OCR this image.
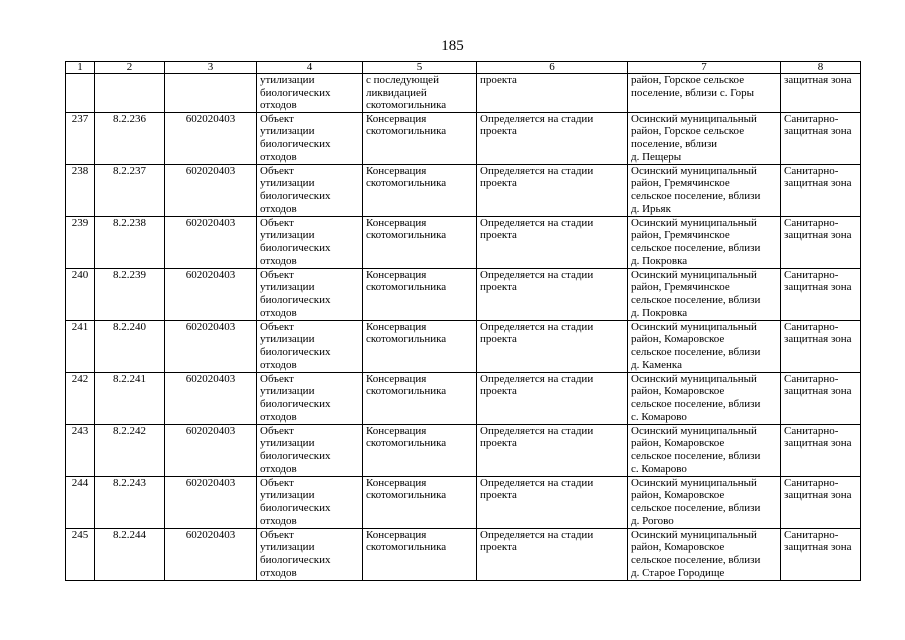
185
1	2	3	4	5	6	7	8

			утилизации
биологических
отходов	с последующей
ликвидацией
скотомогильника	проекта	район, Горское сельское
поселение, вблизи с. Горы	защитная зона

237	8.2.236	602020403	Объект
утилизации
биологических
отходов	Консервация
скотомогильника	Определяется на стадии
проекта	Осинский муниципальный
район, Горское сельское
поселение, вблизи
д. Пещеры	Санитарно-
защитная зона

238	8.2.237	602020403	Объект
утилизации
биологических
отходов	Консервация
скотомогильника	Определяется на стадии
проекта	Осинский муниципальный
район, Гремячинское
сельское поселение, вблизи
д. Ирьяк	Санитарно-
защитная зона

239	8.2.238	602020403	Объект
утилизации
биологических
отходов	Консервация
скотомогильника	Определяется на стадии
проекта	Осинский муниципальный
район, Гремячинское
сельское поселение, вблизи
д. Покровка	Санитарно-
защитная зона

240	8.2.239	602020403	Объект
утилизации
биологических
отходов	Консервация
скотомогильника	Определяется на стадии
проекта	Осинский муниципальный
район, Гремячинское
сельское поселение, вблизи
д. Покровка	Санитарно-
защитная зона

241	8.2.240	602020403	Объект
утилизации
биологических
отходов	Консервация
скотомогильника	Определяется на стадии
проекта	Осинский муниципальный
район, Комаровское
сельское поселение, вблизи
д. Каменка	Санитарно-
защитная зона

242	8.2.241	602020403	Объект
утилизации
биологических
отходов	Консервация
скотомогильника	Определяется на стадии
проекта	Осинский муниципальный
район, Комаровское
сельское поселение, вблизи
с. Комарово	Санитарно-
защитная зона

243	8.2.242	602020403	Объект
утилизации
биологических
отходов	Консервация
скотомогильника	Определяется на стадии
проекта	Осинский муниципальный
район, Комаровское
сельское поселение, вблизи
с. Комарово	Санитарно-
защитная зона

244	8.2.243	602020403	Объект
утилизации
биологических
отходов	Консервация
скотомогильника	Определяется на стадии
проекта	Осинский муниципальный
район, Комаровское
сельское поселение, вблизи
д. Рогово	Санитарно-
защитная зона

245	8.2.244	602020403	Объект
утилизации
биологических
отходов	Консервация
скотомогильника	Определяется на стадии
проекта	Осинский муниципальный
район, Комаровское
сельское поселение, вблизи
д. Старое Городище	Санитарно-
защитная зона
